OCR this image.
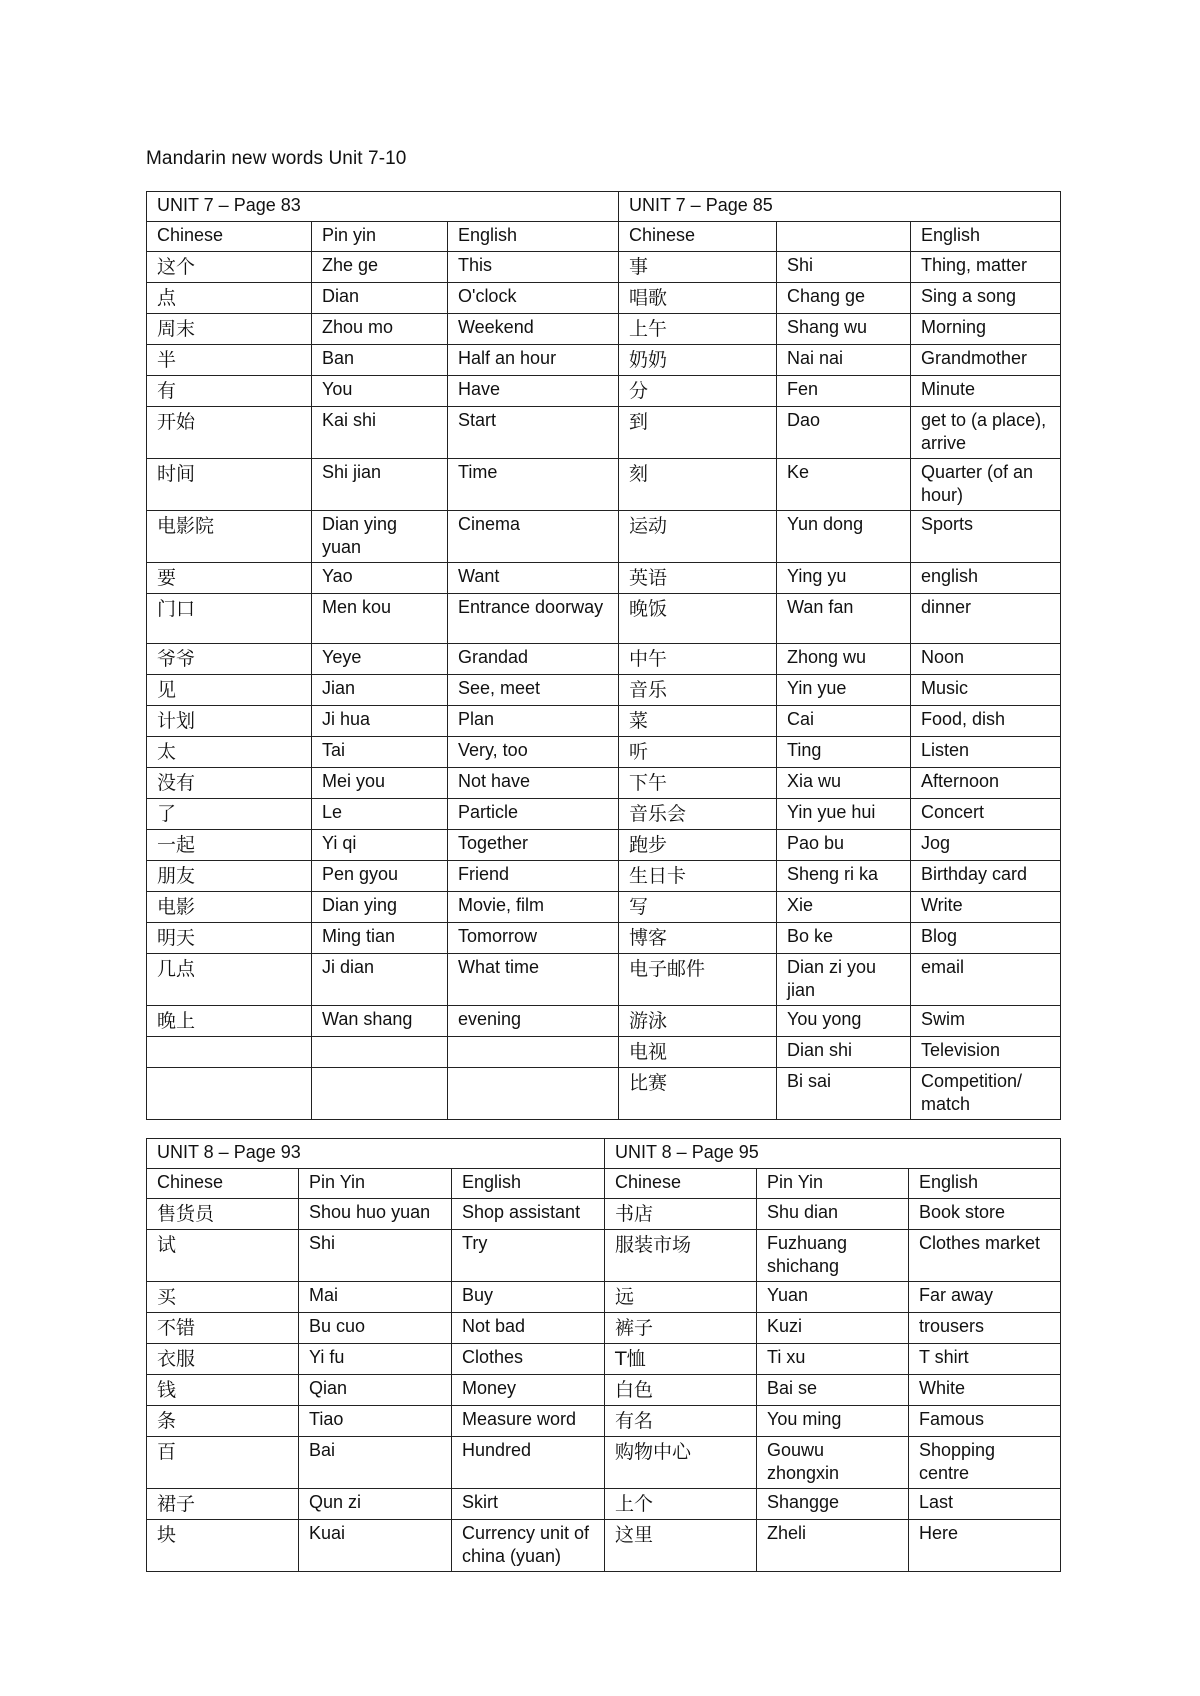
Mandarin new words Unit 7-10
UNIT 7 – Page 83			UNIT 7 – Page 85		
Chinese	Pin yin	English	Chinese		English
这个	Zhe ge	This	事	Shi	Thing, matter
点	Dian	O'clock	唱歌	Chang ge	Sing a song
周末	Zhou mo	Weekend	上午	Shang wu	Morning
半	Ban	Half an hour	奶奶	Nai nai	Grandmother
有	You	Have	分	Fen	Minute
开始	Kai shi	Start	到	Dao	get to (a place), arrive
时间	Shi jian	Time	刻	Ke	Quarter (of an hour)
电影院	Dian ying yuan	Cinema	运动	Yun dong	Sports
要	Yao	Want	英语	Ying yu	english
门口	Men kou	Entrance doorway	晚饭	Wan fan	dinner
爷爷	Yeye	Grandad	中午	Zhong wu	Noon
见	Jian	See, meet	音乐	Yin yue	Music
计划	Ji hua	Plan	菜	Cai	Food, dish
太	Tai	Very, too	听	Ting	Listen
没有	Mei you	Not have	下午	Xia wu	Afternoon
了	Le	Particle	音乐会	Yin yue hui	Concert
一起	Yi qi	Together	跑步	Pao bu	Jog
朋友	Pen gyou	Friend	生日卡	Sheng ri ka	Birthday card
电影	Dian ying	Movie, film	写	Xie	Write
明天	Ming tian	Tomorrow	博客	Bo ke	Blog
几点	Ji dian	What time	电子邮件	Dian zi you jian	email
晚上	Wan shang	evening	游泳	You yong	Swim
			电视	Dian shi	Television
			比赛	Bi sai	Competition/ match
UNIT 8 – Page 93			UNIT 8 – Page 95		
Chinese	Pin Yin	English	Chinese	Pin Yin	English
售货员	Shou huo yuan	Shop assistant	书店	Shu dian	Book store
试	Shi	Try	服装市场	Fuzhuang shichang	Clothes market
买	Mai	Buy	远	Yuan	Far away
不错	Bu cuo	Not bad	裤子	Kuzi	trousers
衣服	Yi fu	Clothes	T恤	Ti xu	T shirt
钱	Qian	Money	白色	Bai se	White
条	Tiao	Measure word	有名	You ming	Famous
百	Bai	Hundred	购物中心	Gouwu zhongxin	Shopping centre
裙子	Qun zi	Skirt	上个	Shangge	Last
块	Kuai	Currency unit of china (yuan)	这里	Zheli	Here
